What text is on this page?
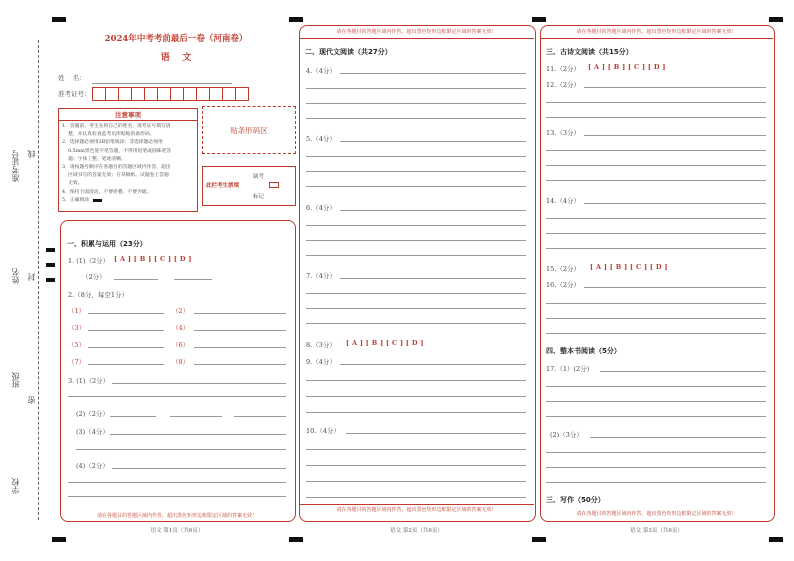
准考证号 线
姓名 封
班级
密
学校
2024年中考考前最后一卷（河南卷）
语    文
姓    名：
准考证号：
注意事项
1．答题前，考生先将自己的姓名，准考证号填写清
楚，并认真检查监考员所粘贴的条形码。
2．选择题必须用2B铅笔填涂；非选择题必须用
0.5mm黑色签字笔答题，不得用铅笔或圆珠笔答
题；字体工整、笔迹清晰。
3．请按题号顺序在各题目的答题区域内作答，超出
区域书写的答案无效；在草稿纸、试题卷上答题
无效。
4．保持卡面清洁，不要折叠、不要弄破。
5．正确填涂
贴条形码区
缺考
此栏考生禁填
标记
一、积累与运用（23分）
1. (1)（2分） [ A ] [ B ] [ C ] [ D ]
（2分）
2.（8分，每空1分）
（1）	（2）
（3）	（4）
（5）	（6）
（7）	（8）
3. (1)（2分）
(2)（2分）
(3)（4分）
(4)（2分）
请在各题目的答题区域内作答，超出黑色矩形边框限定区域的答案无效！
语文 第1页（共6页）
请在各题目的答题区域内作答，超出黑色矩形边框限定区域的答案无效！
二、现代文阅读（共27分）
4.（4分）
5.（4分）
6.（4分）
7.（4分）
8.（3分） [ A ] [ B ] [ C ] [ D ]
9.（4分）
10.（4分）
请在各题目的答题区域内作答，超出黑色矩形边框限定区域的答案无效！
语文 第2页（共6页）
请在各题目的答题区域内作答，超出黑色矩形边框限定区域的答案无效！
三、古诗文阅读（共15分）
11.（2分） [ A ] [ B ] [ C ] [ D ]
12.（2分）
13.（3分）
14.（4分）
15.（2分） [ A ] [ B ] [ C ] [ D ]
16.（2分）
四、整本书阅读（5分）
17.（1）(2分)
(2)（3分）
三、写作（50分）
请在各题目的答题区域内作答，超出黑色矩形边框限定区域的答案无效！
语文 第3页（共6页）
